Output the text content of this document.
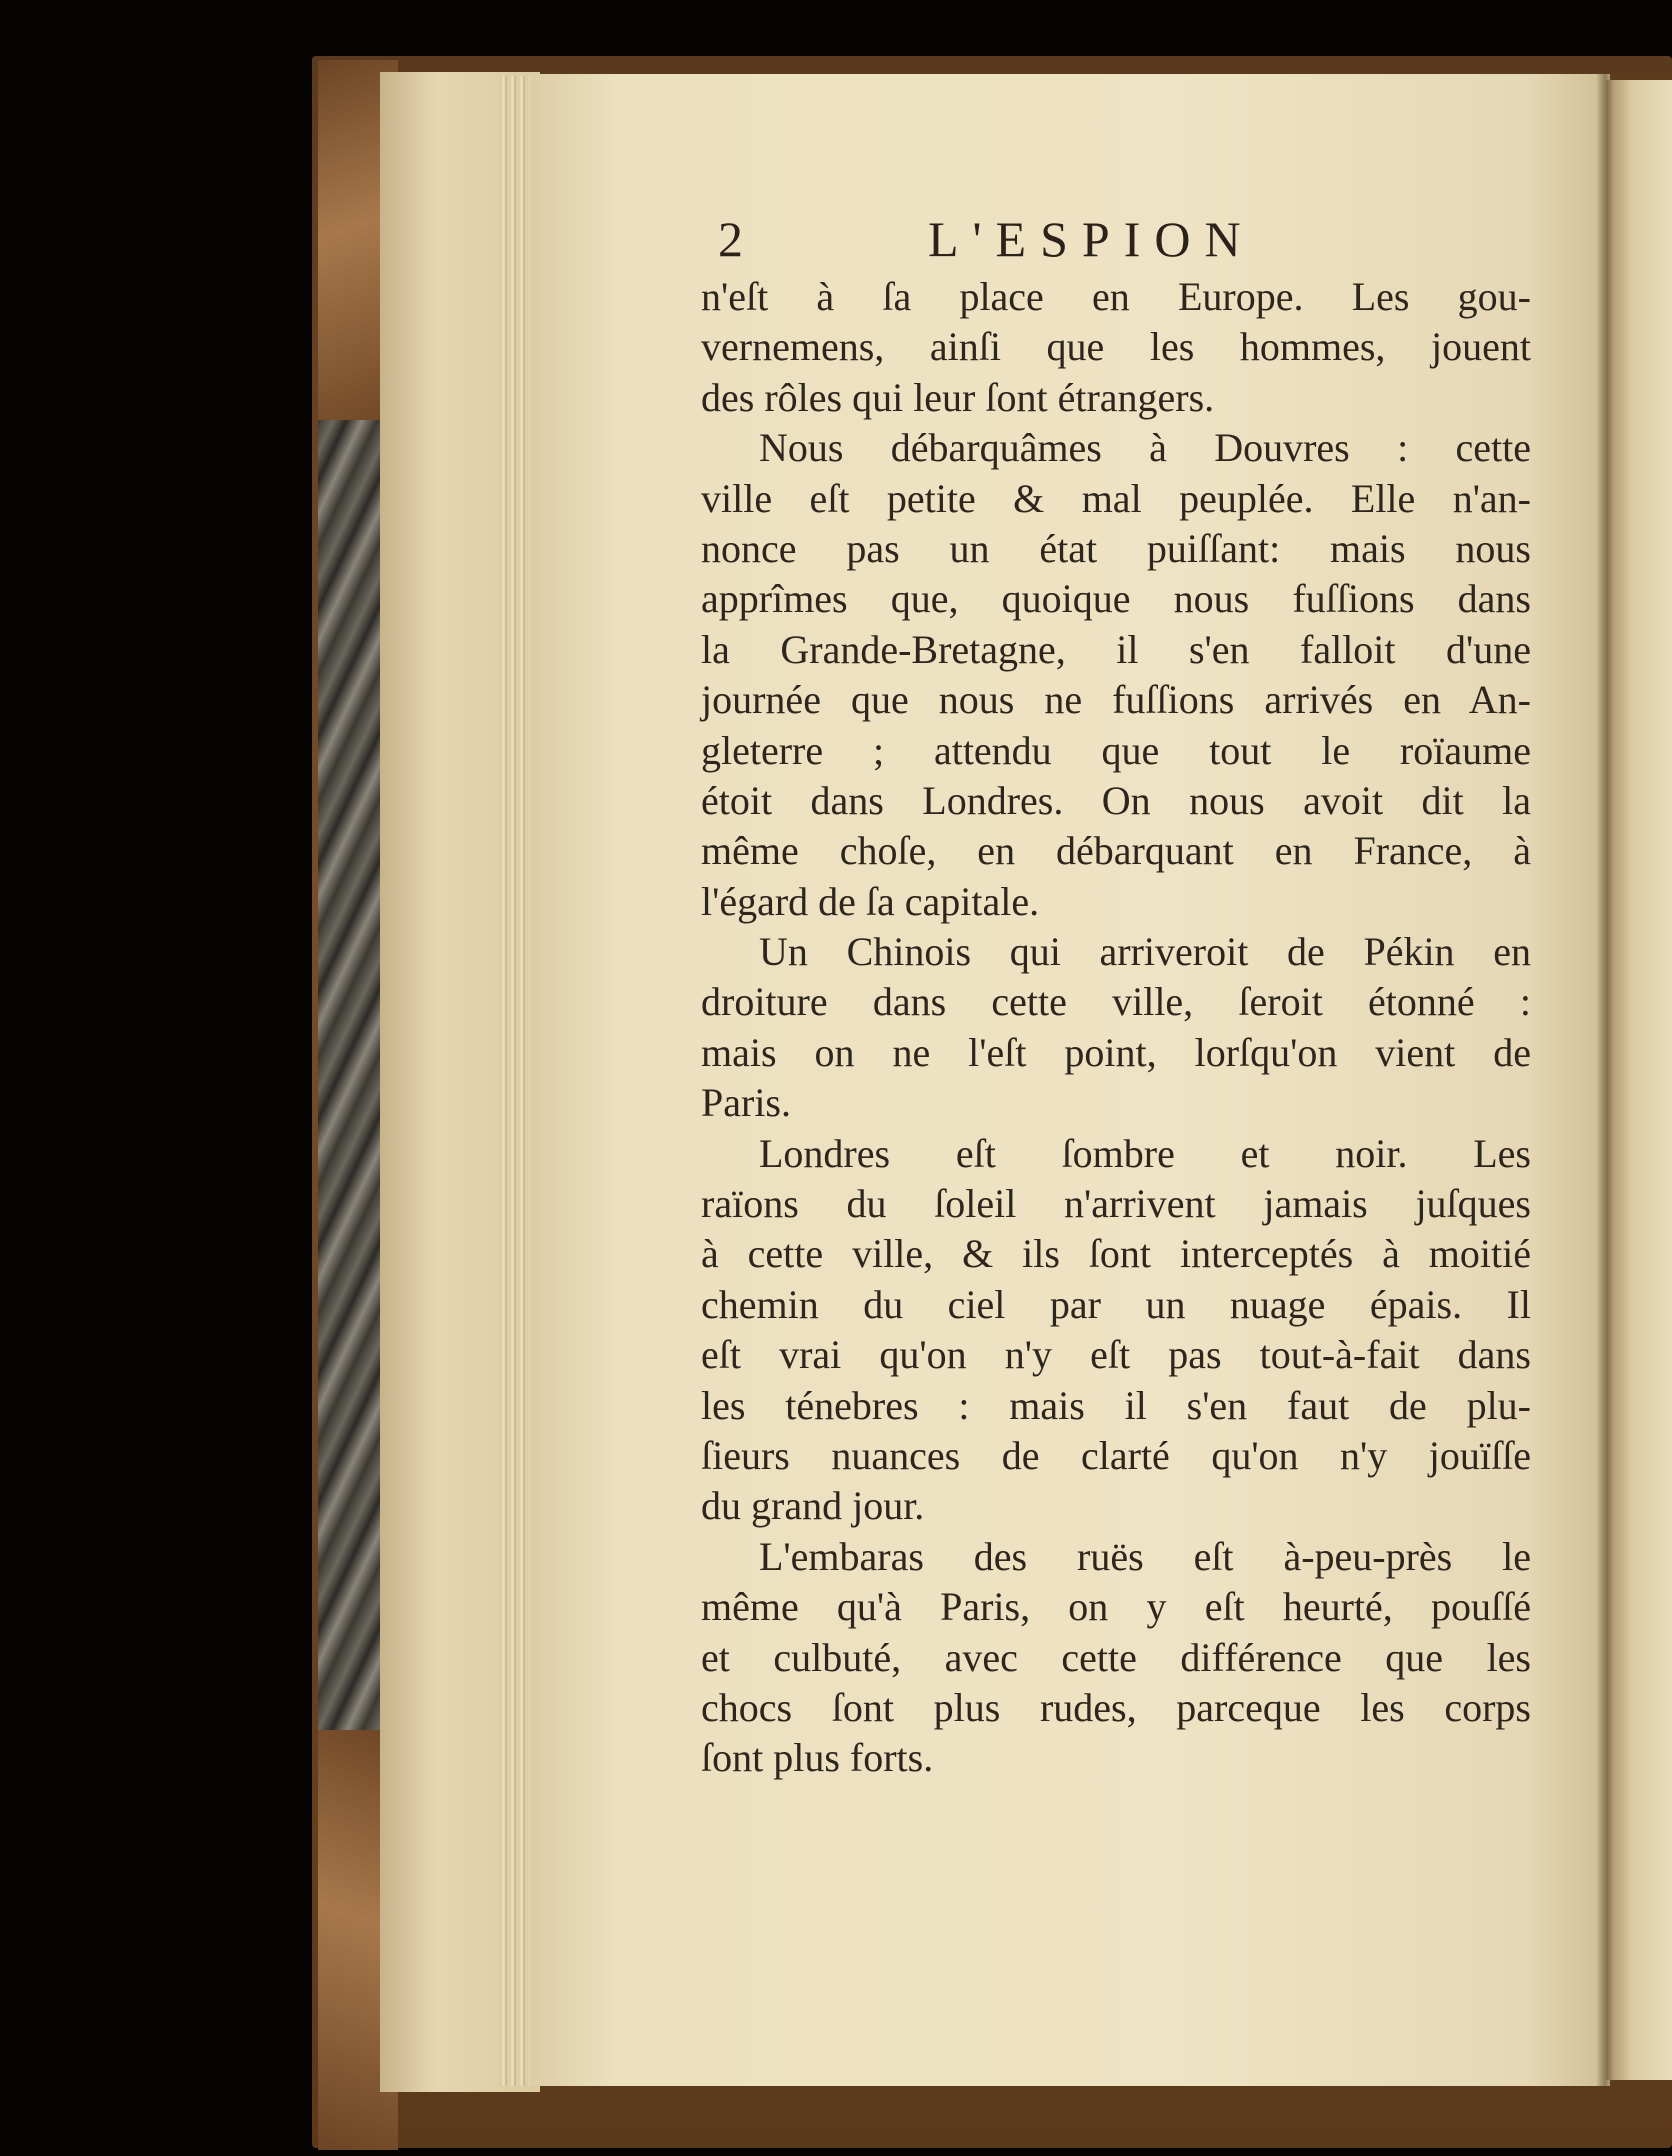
2	L'ESPION
n'eſt à ſa place en Europe. Les gou-
vernemens, ainſi que les hommes, jouent
des rôles qui leur ſont étrangers.
Nous débarquâmes à Douvres : cette
ville eſt petite & mal peuplée. Elle n'an-
nonce pas un état puiſſant: mais nous
apprîmes que, quoique nous fuſſions dans
la Grande-Bretagne, il s'en falloit d'une
journée que nous ne fuſſions arrivés en An-
gleterre ; attendu que tout le roïaume
étoit dans Londres. On nous avoit dit la
même choſe, en débarquant en France, à
l'égard de ſa capitale.
Un Chinois qui arriveroit de Pékin en
droiture dans cette ville, ſeroit étonné :
mais on ne l'eſt point, lorſqu'on vient de
Paris.
Londres eſt ſombre et noir. Les
raïons du ſoleil n'arrivent jamais juſques
à cette ville, & ils ſont interceptés à moitié
chemin du ciel par un nuage épais. Il
eſt vrai qu'on n'y eſt pas tout-à-fait dans
les ténebres : mais il s'en faut de plu-
ſieurs nuances de clarté qu'on n'y jouïſſe
du grand jour.
L'embaras des ruës eſt à-peu-près le
même qu'à Paris, on y eſt heurté, pouſſé
et culbuté, avec cette différence que les
chocs ſont plus rudes, parceque les corps
ſont plus forts.
